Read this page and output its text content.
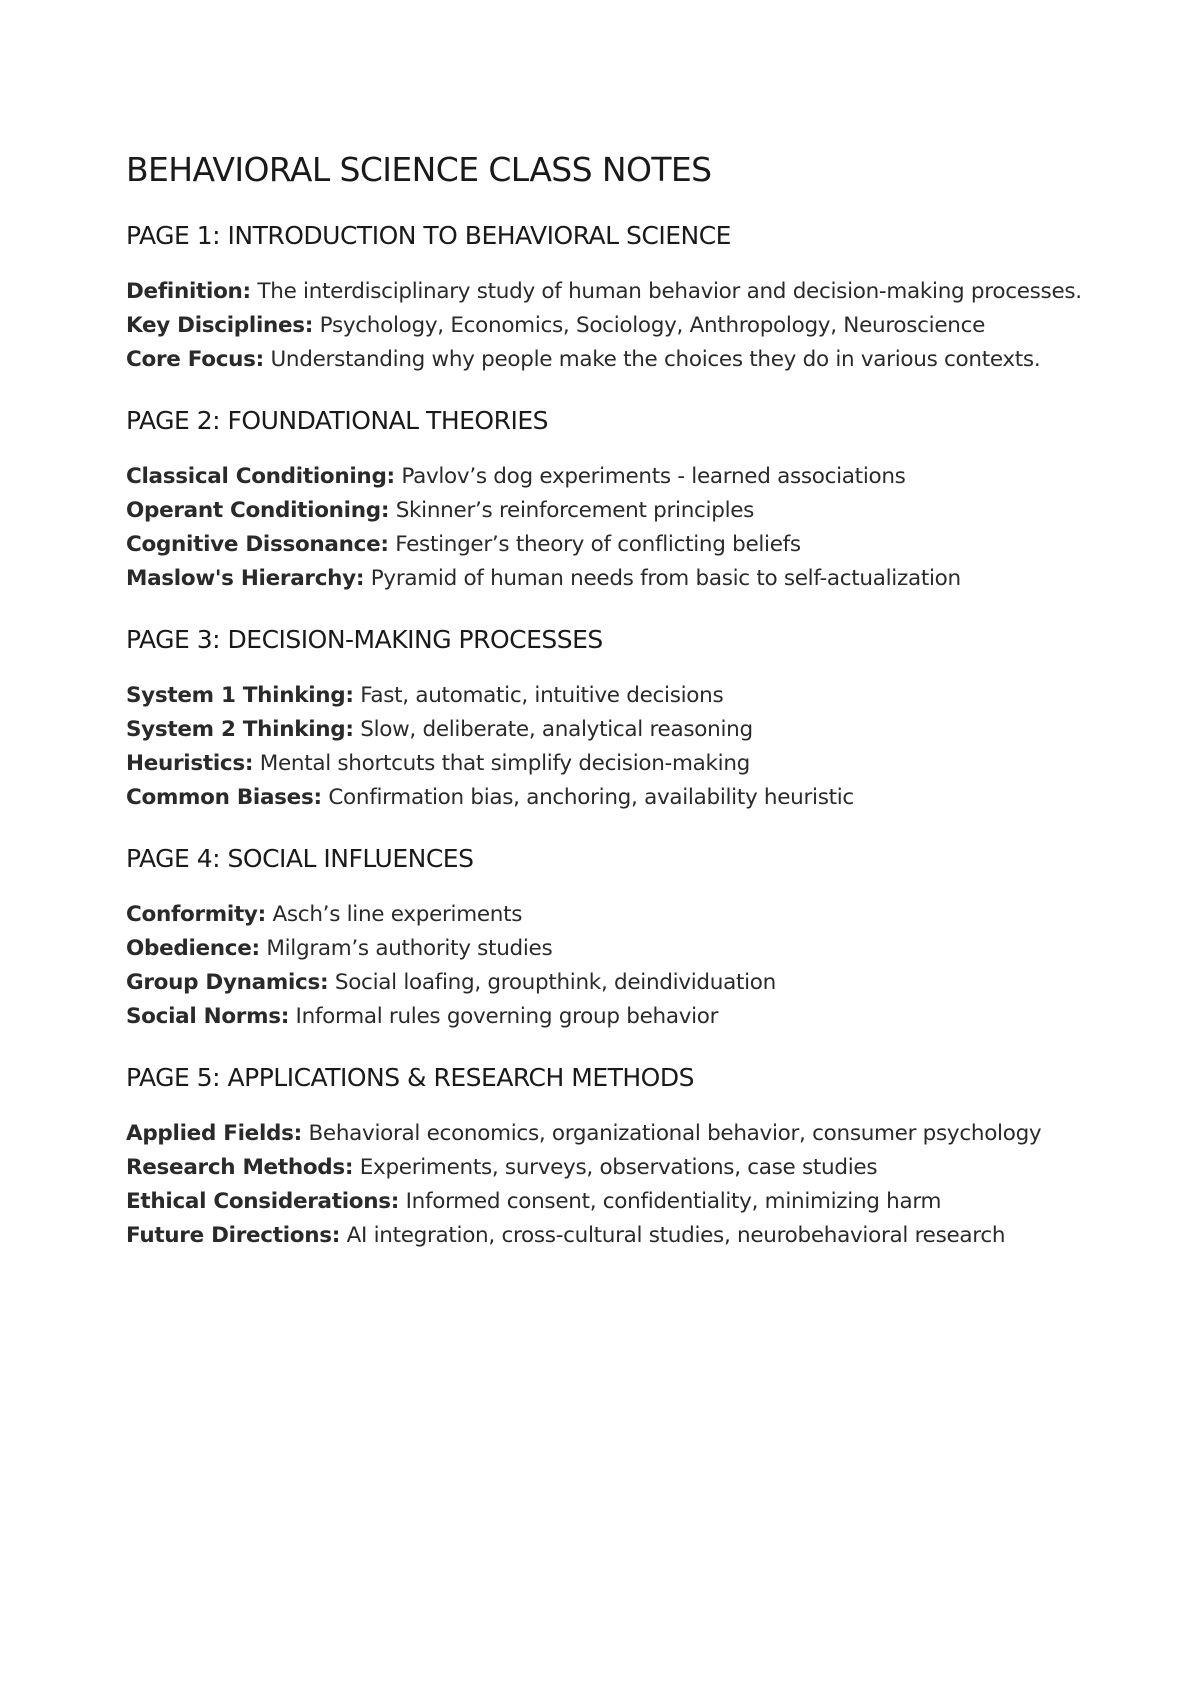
BEHAVIORAL SCIENCE CLASS NOTES
PAGE 1: INTRODUCTION TO BEHAVIORAL SCIENCE

Definition: The interdisciplinary study of human behavior and decision-making processes.

Key Disciplines: Psychology, Economics, Sociology, Anthropology, Neuroscience

Core Focus: Understanding why people make the choices they do in various contexts.

PAGE 2: FOUNDATIONAL THEORIES

Classical Conditioning: Pavlov’s dog experiments - learned associations

Operant Conditioning: Skinner’s reinforcement principles

Cognitive Dissonance: Festinger’s theory of conflicting beliefs

Maslow's Hierarchy: Pyramid of human needs from basic to self-actualization

PAGE 3: DECISION-MAKING PROCESSES

System 1 Thinking: Fast, automatic, intuitive decisions

System 2 Thinking: Slow, deliberate, analytical reasoning

Heuristics: Mental shortcuts that simplify decision-making

Common Biases: Confirmation bias, anchoring, availability heuristic

PAGE 4: SOCIAL INFLUENCES

Conformity: Asch’s line experiments

Obedience: Milgram’s authority studies

Group Dynamics: Social loafing, groupthink, deindividuation

Social Norms: Informal rules governing group behavior

PAGE 5: APPLICATIONS & RESEARCH METHODS

Applied Fields: Behavioral economics, organizational behavior, consumer psychology

Research Methods: Experiments, surveys, observations, case studies

Ethical Considerations: Informed consent, confidentiality, minimizing harm

Future Directions: AI integration, cross-cultural studies, neurobehavioral research
